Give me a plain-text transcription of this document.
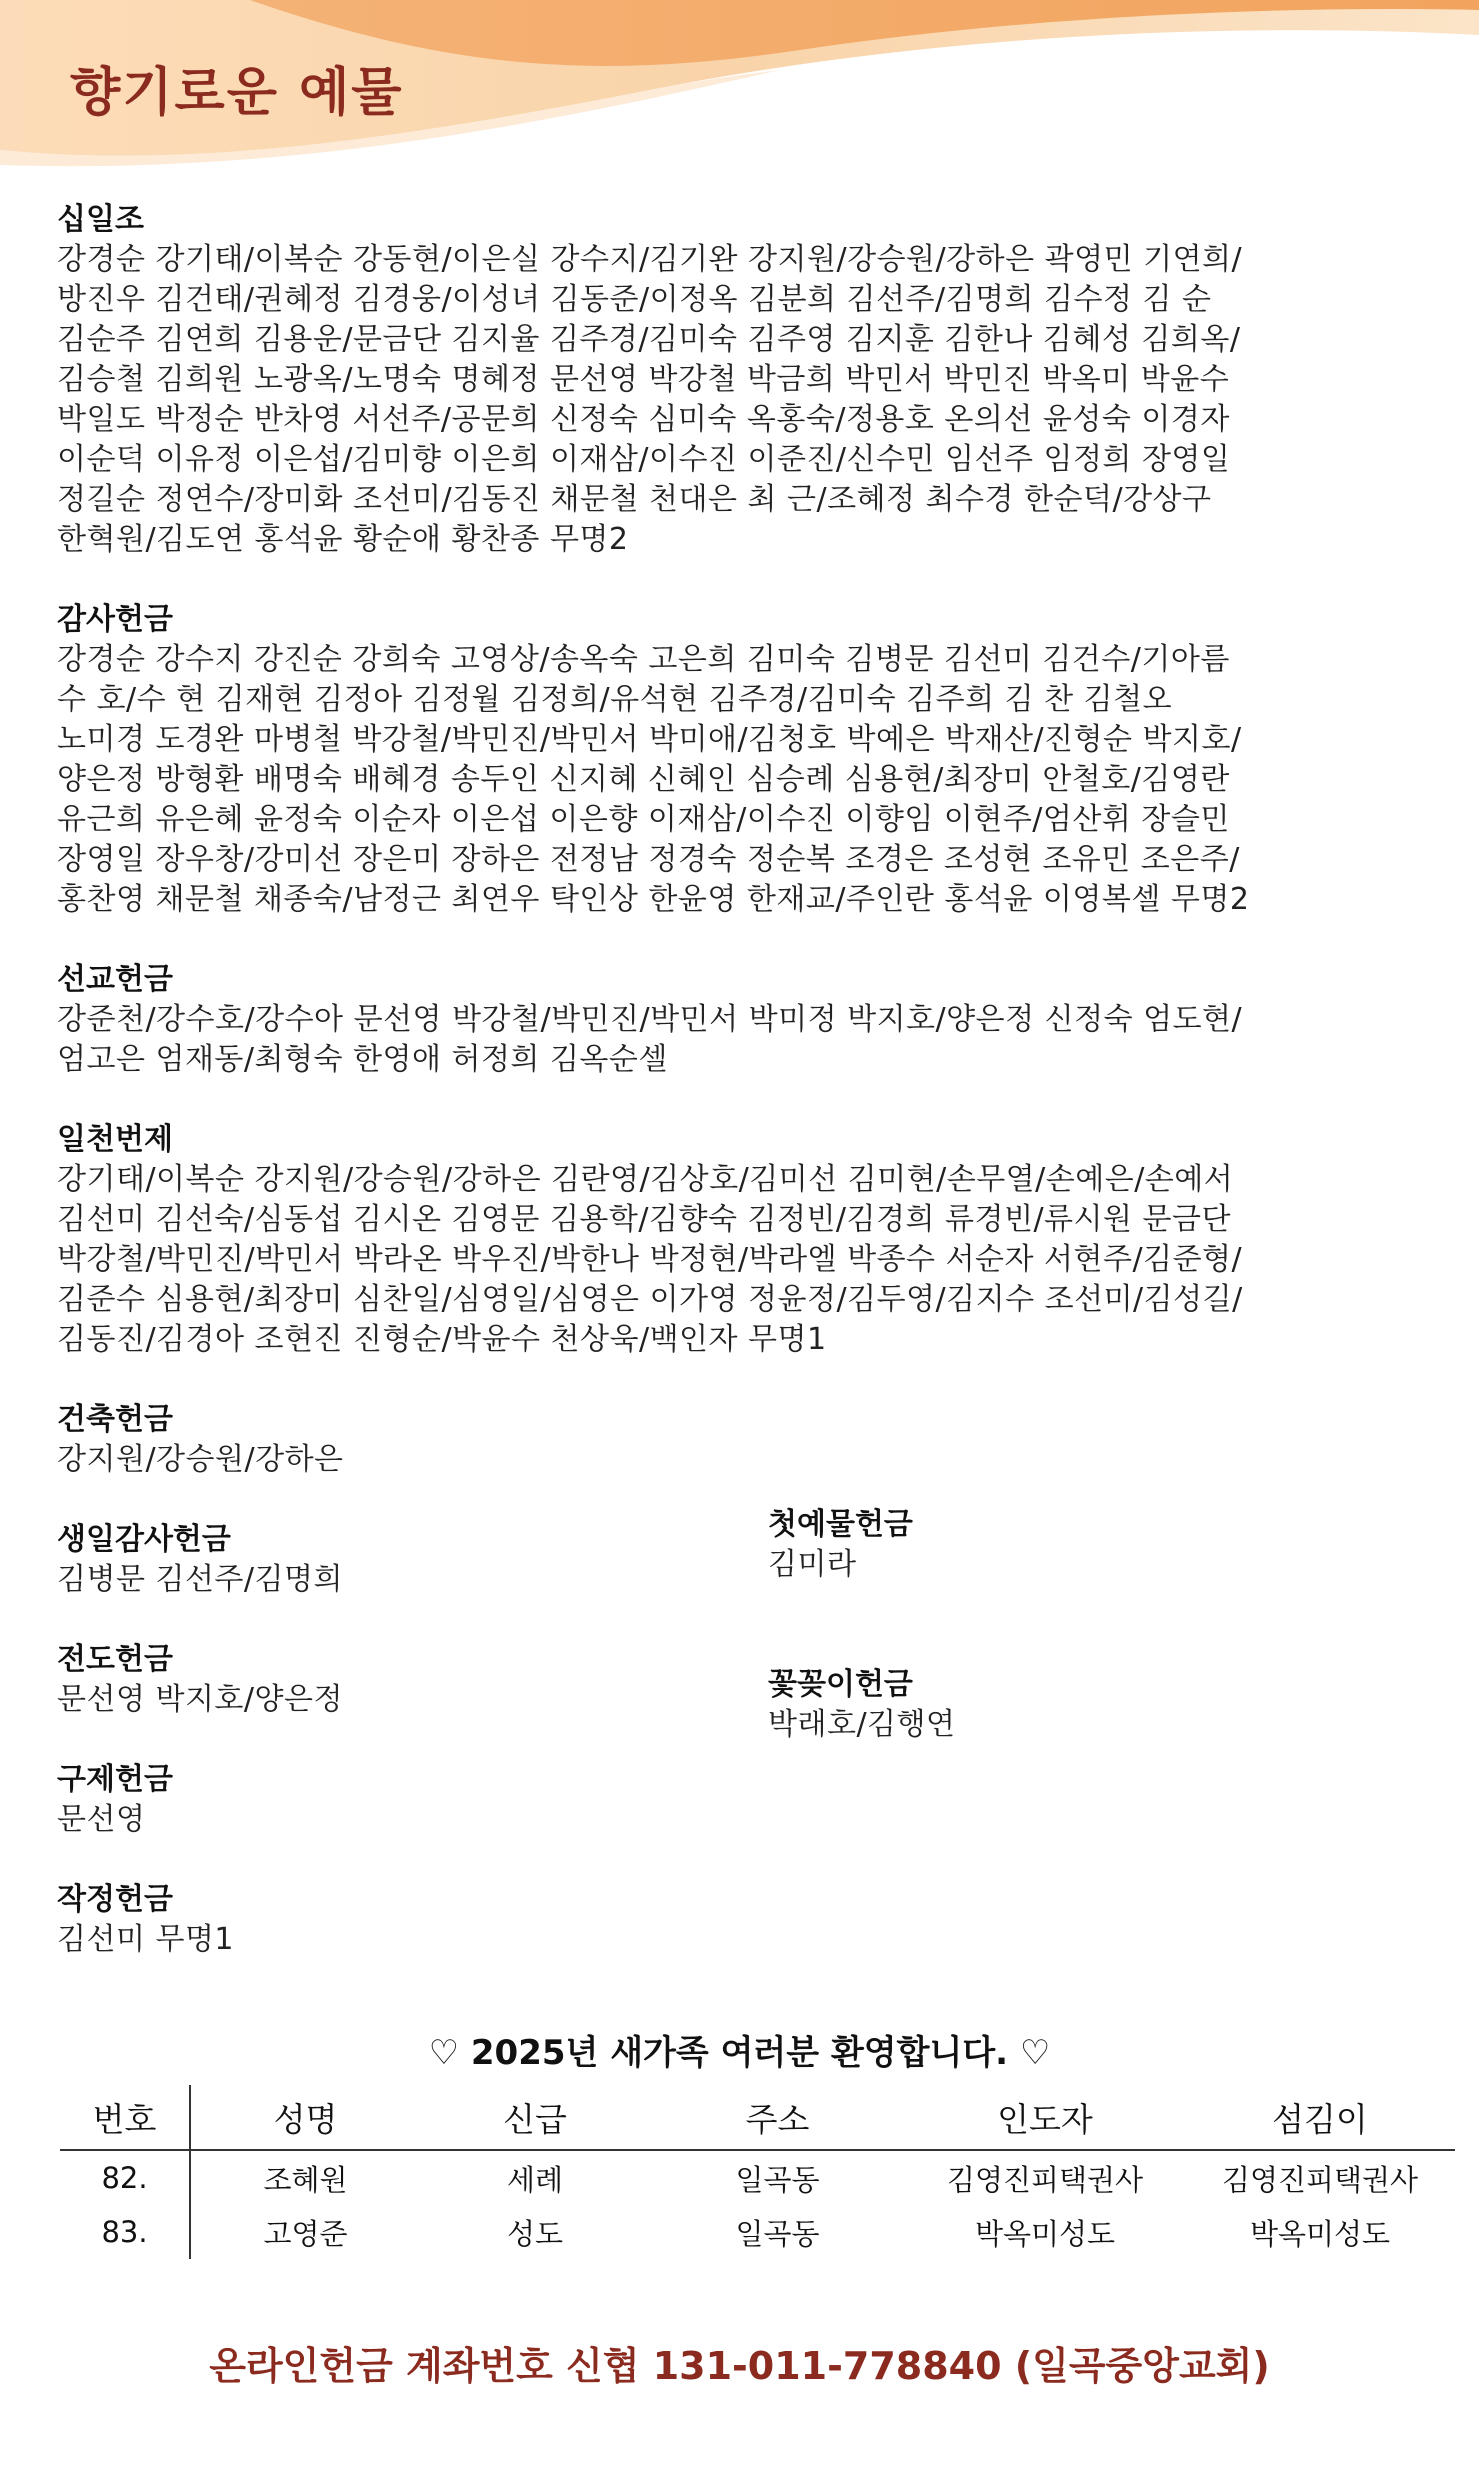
향기로운 예물
십일조
강경순 강기태/이복순 강동현/이은실 강수지/김기완 강지원/강승원/강하은 곽영민 기연희/
방진우 김건태/권혜정 김경웅/이성녀 김동준/이정옥 김분희 김선주/김명희 김수정 김 순
김순주 김연희 김용운/문금단 김지율 김주경/김미숙 김주영 김지훈 김한나 김혜성 김희옥/
김승철 김희원 노광옥/노명숙 명혜정 문선영 박강철 박금희 박민서 박민진 박옥미 박윤수
박일도 박정순 반차영 서선주/공문희 신정숙 심미숙 옥홍숙/정용호 온의선 윤성숙 이경자
이순덕 이유정 이은섭/김미향 이은희 이재삼/이수진 이준진/신수민 임선주 임정희 장영일
정길순 정연수/장미화 조선미/김동진 채문철 천대은 최 근/조혜정 최수경 한순덕/강상구
한혁원/김도연 홍석윤 황순애 황찬종 무명2
감사헌금
강경순 강수지 강진순 강희숙 고영상/송옥숙 고은희 김미숙 김병문 김선미 김건수/기아름
수 호/수 현 김재현 김정아 김정월 김정희/유석현 김주경/김미숙 김주희 김 찬 김철오
노미경 도경완 마병철 박강철/박민진/박민서 박미애/김청호 박예은 박재산/진형순 박지호/
양은정 방형환 배명숙 배혜경 송두인 신지혜 신혜인 심승례 심용현/최장미 안철호/김영란
유근희 유은혜 윤정숙 이순자 이은섭 이은향 이재삼/이수진 이향임 이현주/엄산휘 장슬민
장영일 장우창/강미선 장은미 장하은 전정남 정경숙 정순복 조경은 조성현 조유민 조은주/
홍찬영 채문철 채종숙/남정근 최연우 탁인상 한윤영 한재교/주인란 홍석윤 이영복셀 무명2
선교헌금
강준천/강수호/강수아 문선영 박강철/박민진/박민서 박미정 박지호/양은정 신정숙 엄도현/
엄고은 엄재동/최형숙 한영애 허정희 김옥순셀
일천번제
강기태/이복순 강지원/강승원/강하은 김란영/김상호/김미선 김미현/손무열/손예은/손예서
김선미 김선숙/심동섭 김시온 김영문 김용학/김향숙 김정빈/김경희 류경빈/류시원 문금단
박강철/박민진/박민서 박라온 박우진/박한나 박정현/박라엘 박종수 서순자 서현주/김준형/
김준수 심용현/최장미 심찬일/심영일/심영은 이가영 정윤정/김두영/김지수 조선미/김성길/
김동진/김경아 조현진 진형순/박윤수 천상욱/백인자 무명1
건축헌금
강지원/강승원/강하은
생일감사헌금
김병문 김선주/김명희
첫예물헌금
김미라
전도헌금
문선영 박지호/양은정	꽃꽂이헌금
박래호/김행연
구제헌금
문선영
작정헌금
김선미 무명1
♡ 2025년 새가족 여러분 환영합니다. ♡
번호	성명	신급	주소	인도자	섬김이
82.	조혜원	세례	일곡동	김영진피택권사	김영진피택권사
83.	고영준	성도	일곡동	박옥미성도	박옥미성도
온라인헌금 계좌번호 신협 131-011-778840 (일곡중앙교회)
